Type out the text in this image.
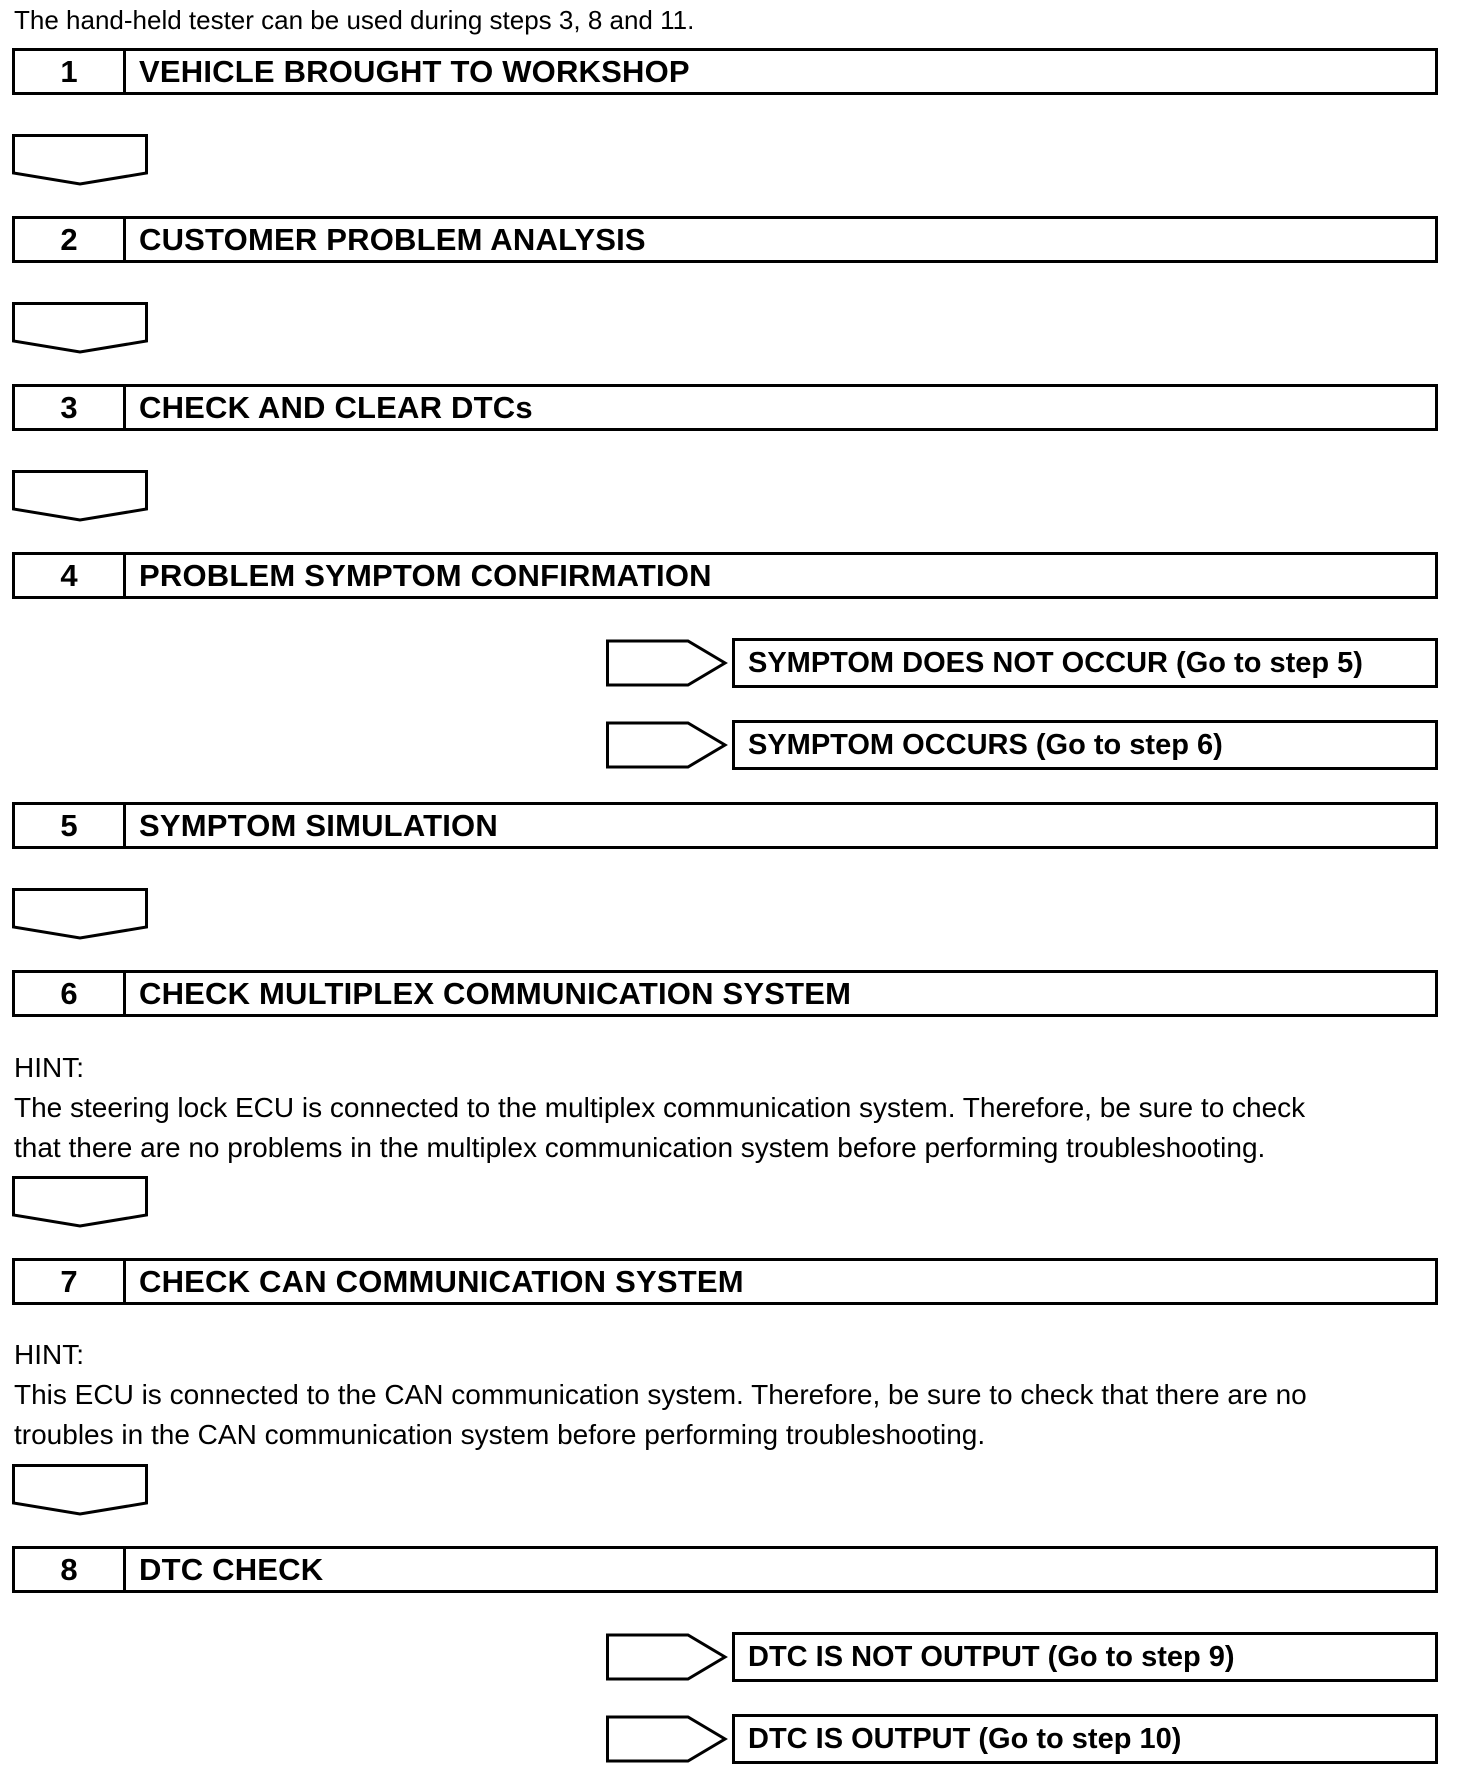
The hand-held tester can be used during steps 3, 8 and 11.
1	VEHICLE BROUGHT TO WORKSHOP
2	CUSTOMER PROBLEM ANALYSIS
3	CHECK AND CLEAR DTCs
4	PROBLEM SYMPTOM CONFIRMATION
SYMPTOM DOES NOT OCCUR (Go to step 5)
SYMPTOM OCCURS (Go to step 6)
5	SYMPTOM SIMULATION
6	CHECK MULTIPLEX COMMUNICATION SYSTEM
HINT:
The steering lock ECU is connected to the multiplex communication system. Therefore, be sure to check
that there are no problems in the multiplex communication system before performing troubleshooting.
7	CHECK CAN COMMUNICATION SYSTEM
HINT:
This ECU is connected to the CAN communication system. Therefore, be sure to check that there are no
troubles in the CAN communication system before performing troubleshooting.
8	DTC CHECK
DTC IS NOT OUTPUT (Go to step 9)
DTC IS OUTPUT (Go to step 10)
